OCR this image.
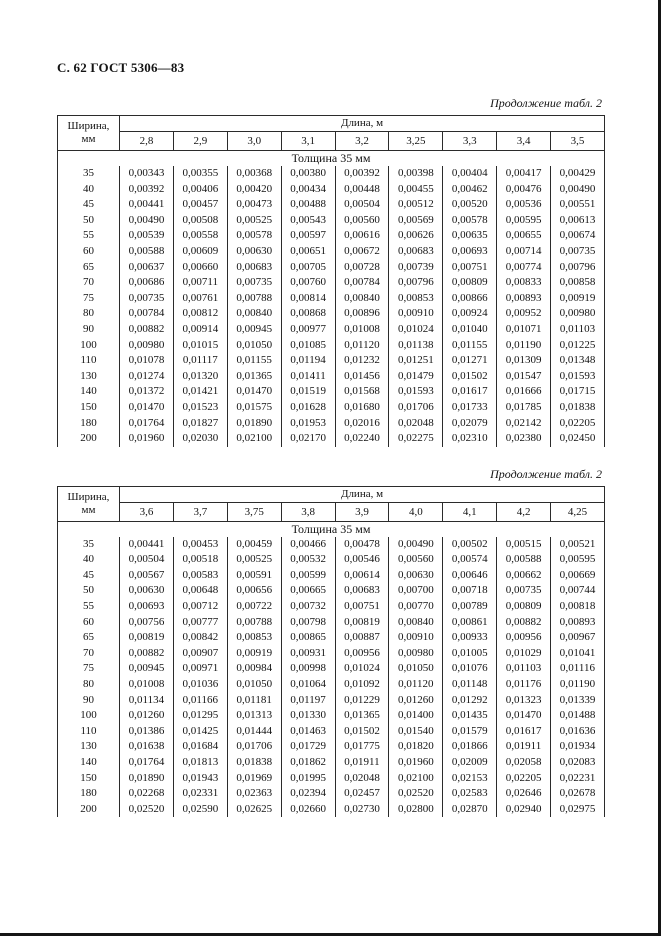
С. 62 ГОСТ 5306—83

Продолжение табл. 2

Ширина,
мм	Длина, м								
	2,8	2,9	3,0	3,1	3,2	3,25	3,3	3,4	3,5
Толщина 35 мм									
35	0,00343	0,00355	0,00368	0,00380	0,00392	0,00398	0,00404	0,00417	0,00429
40	0,00392	0,00406	0,00420	0,00434	0,00448	0,00455	0,00462	0,00476	0,00490
45	0,00441	0,00457	0,00473	0,00488	0,00504	0,00512	0,00520	0,00536	0,00551
50	0,00490	0,00508	0,00525	0,00543	0,00560	0,00569	0,00578	0,00595	0,00613
55	0,00539	0,00558	0,00578	0,00597	0,00616	0,00626	0,00635	0,00655	0,00674
60	0,00588	0,00609	0,00630	0,00651	0,00672	0,00683	0,00693	0,00714	0,00735
65	0,00637	0,00660	0,00683	0,00705	0,00728	0,00739	0,00751	0,00774	0,00796
70	0,00686	0,00711	0,00735	0,00760	0,00784	0,00796	0,00809	0,00833	0,00858
75	0,00735	0,00761	0,00788	0,00814	0,00840	0,00853	0,00866	0,00893	0,00919
80	0,00784	0,00812	0,00840	0,00868	0,00896	0,00910	0,00924	0,00952	0,00980
90	0,00882	0,00914	0,00945	0,00977	0,01008	0,01024	0,01040	0,01071	0,01103
100	0,00980	0,01015	0,01050	0,01085	0,01120	0,01138	0,01155	0,01190	0,01225
110	0,01078	0,01117	0,01155	0,01194	0,01232	0,01251	0,01271	0,01309	0,01348
130	0,01274	0,01320	0,01365	0,01411	0,01456	0,01479	0,01502	0,01547	0,01593
140	0,01372	0,01421	0,01470	0,01519	0,01568	0,01593	0,01617	0,01666	0,01715
150	0,01470	0,01523	0,01575	0,01628	0,01680	0,01706	0,01733	0,01785	0,01838
180	0,01764	0,01827	0,01890	0,01953	0,02016	0,02048	0,02079	0,02142	0,02205
200	0,01960	0,02030	0,02100	0,02170	0,02240	0,02275	0,02310	0,02380	0,02450

Продолжение табл. 2

Ширина,
мм	Длина, м								
	3,6	3,7	3,75	3,8	3,9	4,0	4,1	4,2	4,25
Толщина 35 мм									
35	0,00441	0,00453	0,00459	0,00466	0,00478	0,00490	0,00502	0,00515	0,00521
40	0,00504	0,00518	0,00525	0,00532	0,00546	0,00560	0,00574	0,00588	0,00595
45	0,00567	0,00583	0,00591	0,00599	0,00614	0,00630	0,00646	0,00662	0,00669
50	0,00630	0,00648	0,00656	0,00665	0,00683	0,00700	0,00718	0,00735	0,00744
55	0,00693	0,00712	0,00722	0,00732	0,00751	0,00770	0,00789	0,00809	0,00818
60	0,00756	0,00777	0,00788	0,00798	0,00819	0,00840	0,00861	0,00882	0,00893
65	0,00819	0,00842	0,00853	0,00865	0,00887	0,00910	0,00933	0,00956	0,00967
70	0,00882	0,00907	0,00919	0,00931	0,00956	0,00980	0,01005	0,01029	0,01041
75	0,00945	0,00971	0,00984	0,00998	0,01024	0,01050	0,01076	0,01103	0,01116
80	0,01008	0,01036	0,01050	0,01064	0,01092	0,01120	0,01148	0,01176	0,01190
90	0,01134	0,01166	0,01181	0,01197	0,01229	0,01260	0,01292	0,01323	0,01339
100	0,01260	0,01295	0,01313	0,01330	0,01365	0,01400	0,01435	0,01470	0,01488
110	0,01386	0,01425	0,01444	0,01463	0,01502	0,01540	0,01579	0,01617	0,01636
130	0,01638	0,01684	0,01706	0,01729	0,01775	0,01820	0,01866	0,01911	0,01934
140	0,01764	0,01813	0,01838	0,01862	0,01911	0,01960	0,02009	0,02058	0,02083
150	0,01890	0,01943	0,01969	0,01995	0,02048	0,02100	0,02153	0,02205	0,02231
180	0,02268	0,02331	0,02363	0,02394	0,02457	0,02520	0,02583	0,02646	0,02678
200	0,02520	0,02590	0,02625	0,02660	0,02730	0,02800	0,02870	0,02940	0,02975
